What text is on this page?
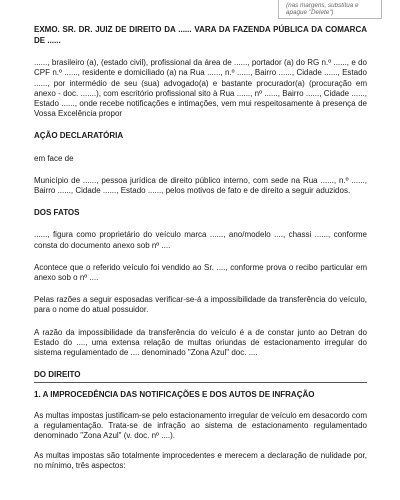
(nas margens, substitua e apague "Delete")

EXMO. SR. DR. JUIZ DE DIREITO DA ...... VARA DA FAZENDA PÚBLICA DA COMARCA DE ......

......, brasileiro (a), (estado civil), profissional da área de ......, portador (a) do RG n.º ......, e do CPF n.º ......, residente e domiciliado (a) na Rua ......, n.º ......, Bairro ......, Cidade ......, Estado ......, por intermédio de seu (sua) advogado(a) e bastante procurador(a) (procuração em anexo - doc. .......), com escritório profissional sito à Rua ......, nº ......, Bairro ......, Cidade ......, Estado ......, onde recebe notificações e intimações, vem mui respeitosamente à presença de Vossa Excelência propor

AÇÃO DECLARATÓRIA

em face de

Município de ......, pessoa jurídica de direito público interno, com sede na Rua ......, n.º ......, Bairro ......, Cidade ......, Estado ......, pelos motivos de fato e de direito a seguir aduzidos.

DOS FATOS

......, figura como proprietário do veículo marca ......, ano/modelo ...., chassi ......, conforme consta do documento anexo sob nº ....

Acontece que o referido veículo foi vendido ao Sr. ...., conforme prova o recibo particular em anexo sob o nº ....

Pelas razões a seguir esposadas verificar-se-á a impossibilidade da transferência do veículo, para o nome do atual possuidor.

A razão da impossibilidade da transferência do veículo é a de constar junto ao Detran do Estado do ...., uma extensa relação de multas oriundas de estacionamento irregular do sistema regulamentado de .... denominado "Zona Azul" doc. ....

DO DIREITO

1. A IMPROCEDÊNCIA DAS NOTIFICAÇÕES E DOS AUTOS DE INFRAÇÃO

As multas impostas justificam-se pelo estacionamento irregular de veículo em desacordo com a regulamentação. Trata-se de infração ao sistema de estacionamento regulamentado denominado "Zona Azul" (v. doc. nº ....).

As multas impostas são totalmente improcedentes e merecem a declaração de nulidade por, no mínimo, três aspectos:
